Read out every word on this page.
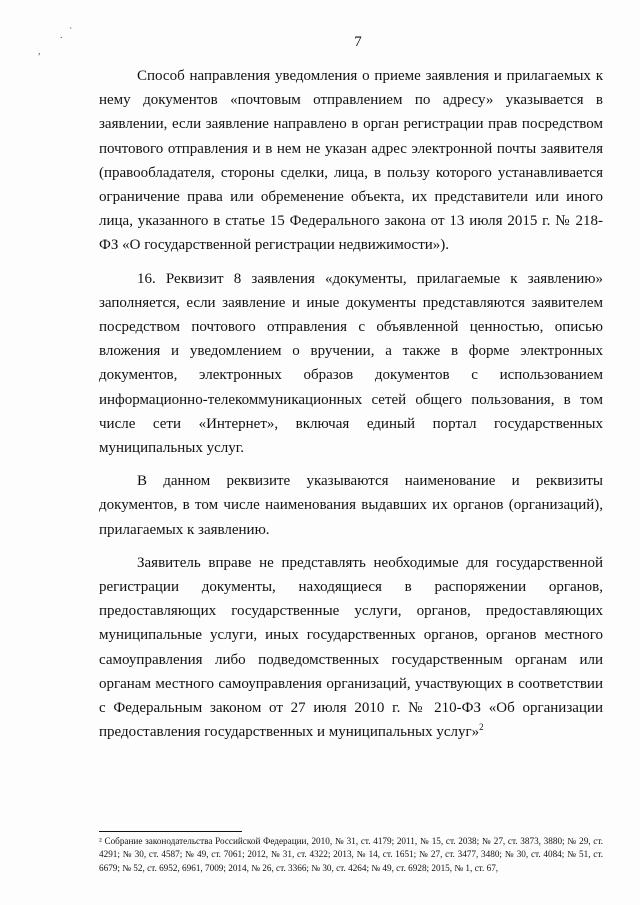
. `
,
7

Способ направления уведомления о приеме заявления и прилагаемых к нему документов «почтовым отправлением по адресу» указывается в заявлении, если заявление направлено в орган регистрации прав посредством почтового отправления и в нем не указан адрес электронной почты заявителя (правообладателя, стороны сделки, лица, в пользу которого устанавливается ограничение права или обременение объекта, их представители или иного лица, указанного в статье 15 Федерального закона от 13 июля 2015 г. № 218-ФЗ «О государственной регистрации недвижимости»).

16. Реквизит 8 заявления «документы, прилагаемые к заявлению» заполняется, если заявление и иные документы представляются заявителем посредством почтового отправления с объявленной ценностью, описью вложения и уведомлением о вручении, а также в форме электронных документов, электронных образов документов с использованием информационно-телекоммуникационных сетей общего пользования, в том числе сети «Интернет», включая единый портал государственных муниципальных услуг.

В данном реквизите указываются наименование и реквизиты документов, в том числе наименования выдавших их органов (организаций), прилагаемых к заявлению.

Заявитель вправе не представлять необходимые для государственной регистрации документы, находящиеся в распоряжении органов, предоставляющих государственные услуги, органов, предоставляющих муниципальные услуги, иных государственных органов, органов местного самоуправления либо подведомственных государственным органам или органам местного самоуправления организаций, участвующих в соответствии с Федеральным законом от 27 июля 2010 г. № 210-ФЗ «Об организации предоставления государственных и муниципальных услуг»$^2$

² Собрание законодательства Российской Федерации, 2010, № 31, ст. 4179; 2011, № 15, ст. 2038; № 27, ст. 3873, 3880; № 29, ст. 4291; № 30, ст. 4587; № 49, ст. 7061; 2012, № 31, ст. 4322; 2013, № 14, ст. 1651; № 27, ст. 3477, 3480; № 30, ст. 4084; № 51, ст. 6679; № 52, ст. 6952, 6961, 7009; 2014, № 26, ст. 3366; № 30, ст. 4264; № 49, ст. 6928; 2015, № 1, ст. 67,
